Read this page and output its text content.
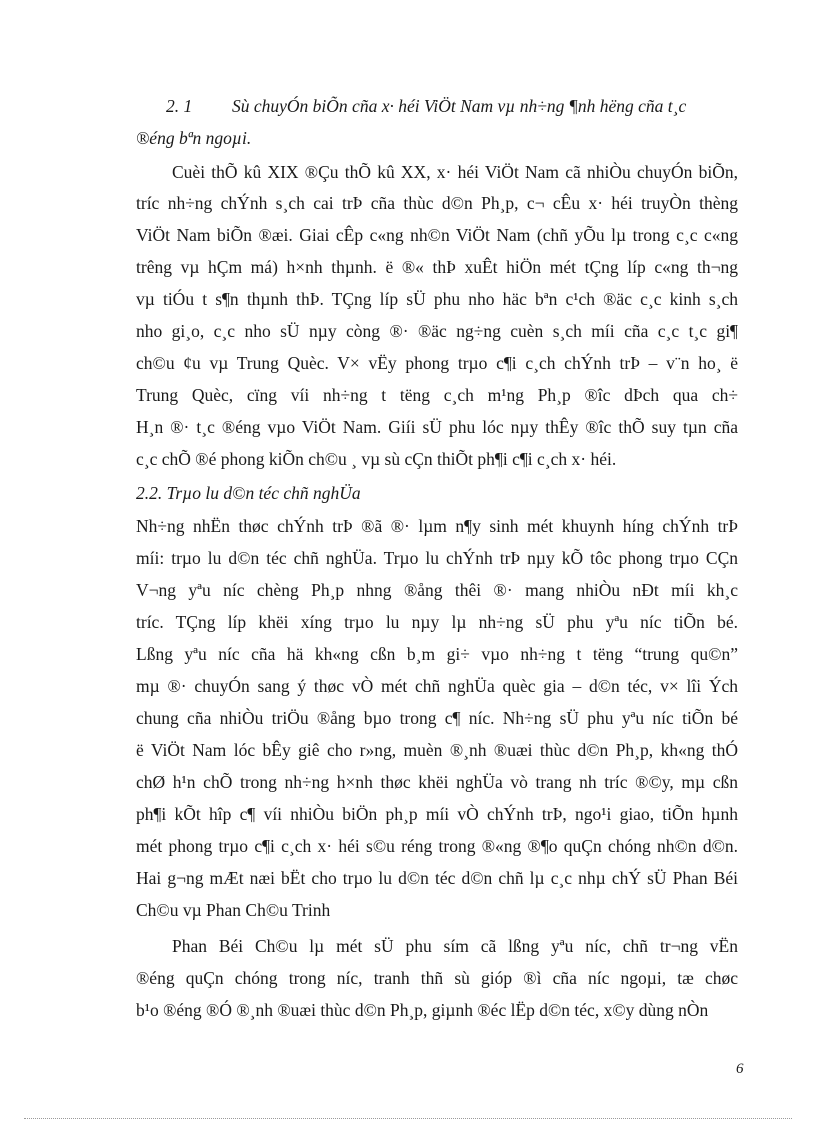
2. 1 Sù chuyÓn biÕn cña x· héi ViÖt Nam vµ nh÷ng ¶nh hëng cña t¸c
®éng bªn ngoµi.
Cuèi thÕ kû XIX ®Çu thÕ kû XX, x· héi ViÖt Nam cã nhiÒu chuyÓn biÕn,
tríc nh÷ng chÝnh s¸ch cai trÞ cña thùc d©n Ph¸p, c¬ cÊu x· héi truyÒn thèng
ViÖt Nam biÕn ®æi. Giai cÊp c«ng nh©n ViÖt Nam (chñ yÕu lµ trong c¸c c«ng
trêng vµ hÇm má) h×nh thµnh. ë ®« thÞ xuÊt hiÖn mét tÇng líp c«ng th¬ng
vµ tiÓu t s¶n thµnh thÞ. TÇng líp sÜ phu nho häc bªn c¹ch ®äc c¸c kinh s¸ch
nho gi¸o, c¸c nho sÜ nµy còng ®· ®äc ng÷ng cuèn s¸ch míi cña c¸c t¸c gi¶
ch©u ¢u vµ Trung Quèc. V× vËy phong trµo c¶i c¸ch chÝnh trÞ – v¨n ho¸ ë
Trung Quèc, cïng víi nh÷ng t tëng c¸ch m¹ng Ph¸p ®îc dÞch qua ch÷
H¸n ®· t¸c ®éng vµo ViÖt Nam. Giíi sÜ phu lóc nµy thÊy ®îc thÕ suy tµn cña
c¸c chÕ ®é phong kiÕn ch©u ¸ vµ sù cÇn thiÕt ph¶i c¶i c¸ch x· héi.
2.2. Trµo lu d©n téc chñ nghÜa
Nh÷ng nhËn thøc chÝnh trÞ ®ã ®· lµm n¶y sinh mét khuynh híng chÝnh trÞ
míi: trµo lu d©n téc chñ nghÜa. Trµo lu chÝnh trÞ nµy kÕ tôc phong trµo CÇn
V¬ng yªu níc chèng Ph¸p nhng ®ång thêi ®· mang nhiÒu nÐt míi kh¸c
tríc. TÇng líp khëi xíng trµo lu nµy lµ nh÷ng sÜ phu yªu níc tiÕn bé.
Lßng yªu níc cña hä kh«ng cßn b¸m gi÷ vµo nh÷ng t tëng “trung qu©n”
mµ ®· chuyÓn sang ý thøc vÒ mét chñ nghÜa quèc gia – d©n téc, v× lîi Ých
chung cña nhiÒu triÖu ®ång bµo trong c¶ níc. Nh÷ng sÜ phu yªu níc tiÕn bé
ë ViÖt Nam lóc bÊy giê cho r»ng, muèn ®¸nh ®uæi thùc d©n Ph¸p, kh«ng thÓ
chØ h¹n chÕ trong nh÷ng h×nh thøc khëi nghÜa vò trang nh tríc ®©y, mµ cßn
ph¶i kÕt hîp c¶ víi nhiÒu biÖn ph¸p míi vÒ chÝnh trÞ, ngo¹i giao, tiÕn hµnh
mét phong trµo c¶i c¸ch x· héi s©u réng trong ®«ng ®¶o quÇn chóng nh©n d©n.
Hai g¬ng mÆt næi bËt cho trµo lu d©n téc d©n chñ lµ c¸c nhµ chÝ sÜ Phan Béi
Ch©u vµ Phan Ch©u Trinh
Phan Béi Ch©u lµ mét sÜ phu sím cã lßng yªu níc, chñ tr¬ng vËn
®éng quÇn chóng trong níc, tranh thñ sù gióp ®ì cña níc ngoµi, tæ chøc
b¹o ®éng ®Ó ®¸nh ®uæi thùc d©n Ph¸p, giµnh ®éc lËp d©n téc, x©y dùng nÒn
6
